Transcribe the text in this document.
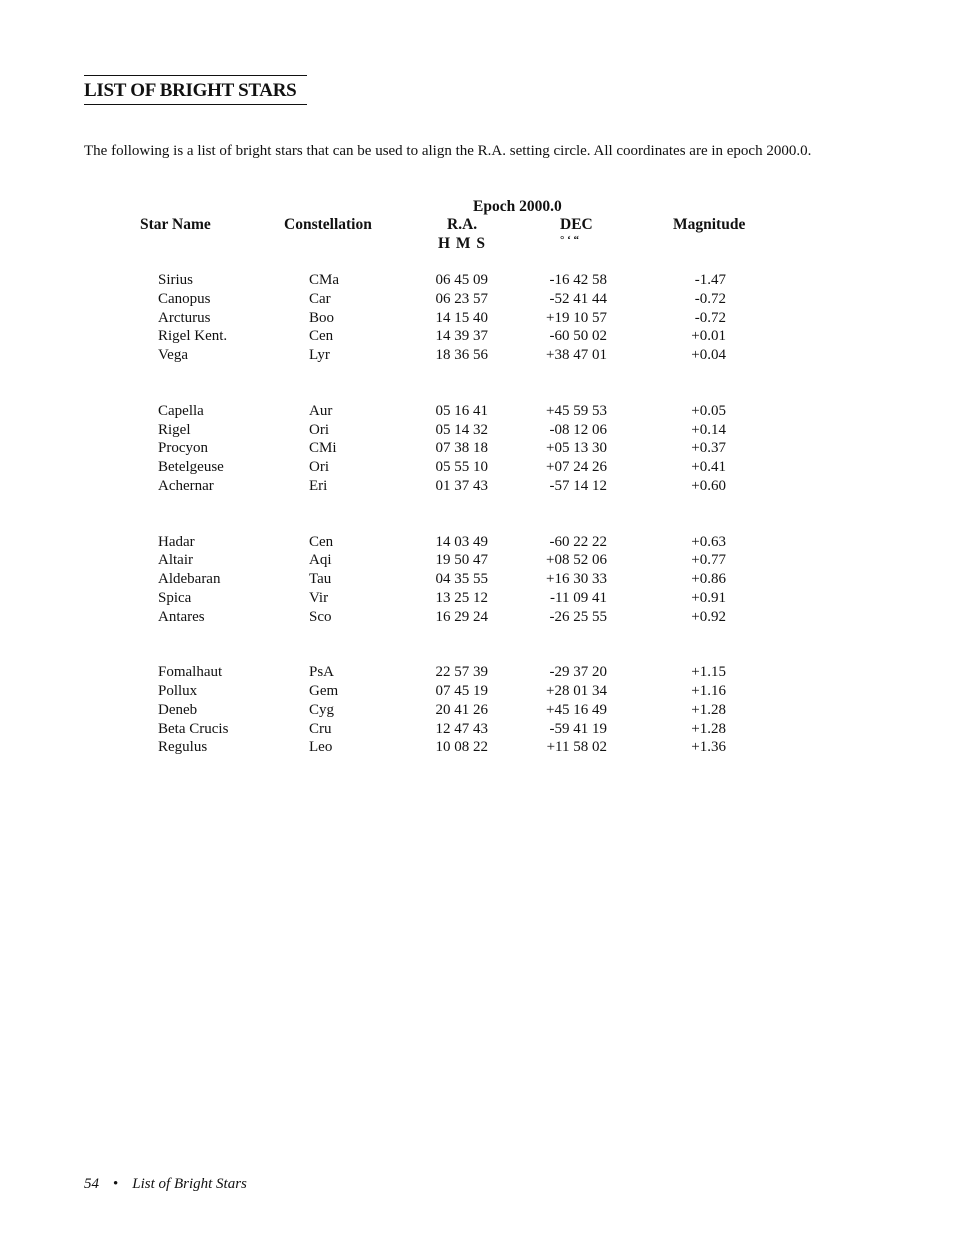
LIST OF BRIGHT STARS
The following is a list of bright stars that can be used to align the R.A. setting circle. All coordinates are in epoch 2000.0.
Epoch 2000.0
Star Name	Constellation	R.A.	DEC	Magnitude
H M S	° ‘ “
Sirius	CMa	06 45 09	-16 42 58	-1.47
Canopus	Car	06 23 57	-52 41 44	-0.72
Arcturus	Boo	14 15 40	+19 10 57	-0.72
Rigel Kent.	Cen	14 39 37	-60 50 02	+0.01
Vega	Lyr	18 36 56	+38 47 01	+0.04
Capella	Aur	05 16 41	+45 59 53	+0.05
Rigel	Ori	05 14 32	-08 12 06	+0.14
Procyon	CMi	07 38 18	+05 13 30	+0.37
Betelgeuse	Ori	05 55 10	+07 24 26	+0.41
Achernar	Eri	01 37 43	-57 14 12	+0.60
Hadar	Cen	14 03 49	-60 22 22	+0.63
Altair	Aqi	19 50 47	+08 52 06	+0.77
Aldebaran	Tau	04 35 55	+16 30 33	+0.86
Spica	Vir	13 25 12	-11 09 41	+0.91
Antares	Sco	16 29 24	-26 25 55	+0.92
Fomalhaut	PsA	22 57 39	-29 37 20	+1.15
Pollux	Gem	07 45 19	+28 01 34	+1.16
Deneb	Cyg	20 41 26	+45 16 49	+1.28
Beta Crucis	Cru	12 47 43	-59 41 19	+1.28
Regulus	Leo	10 08 22	+11 58 02	+1.36
54 • List of Bright Stars
